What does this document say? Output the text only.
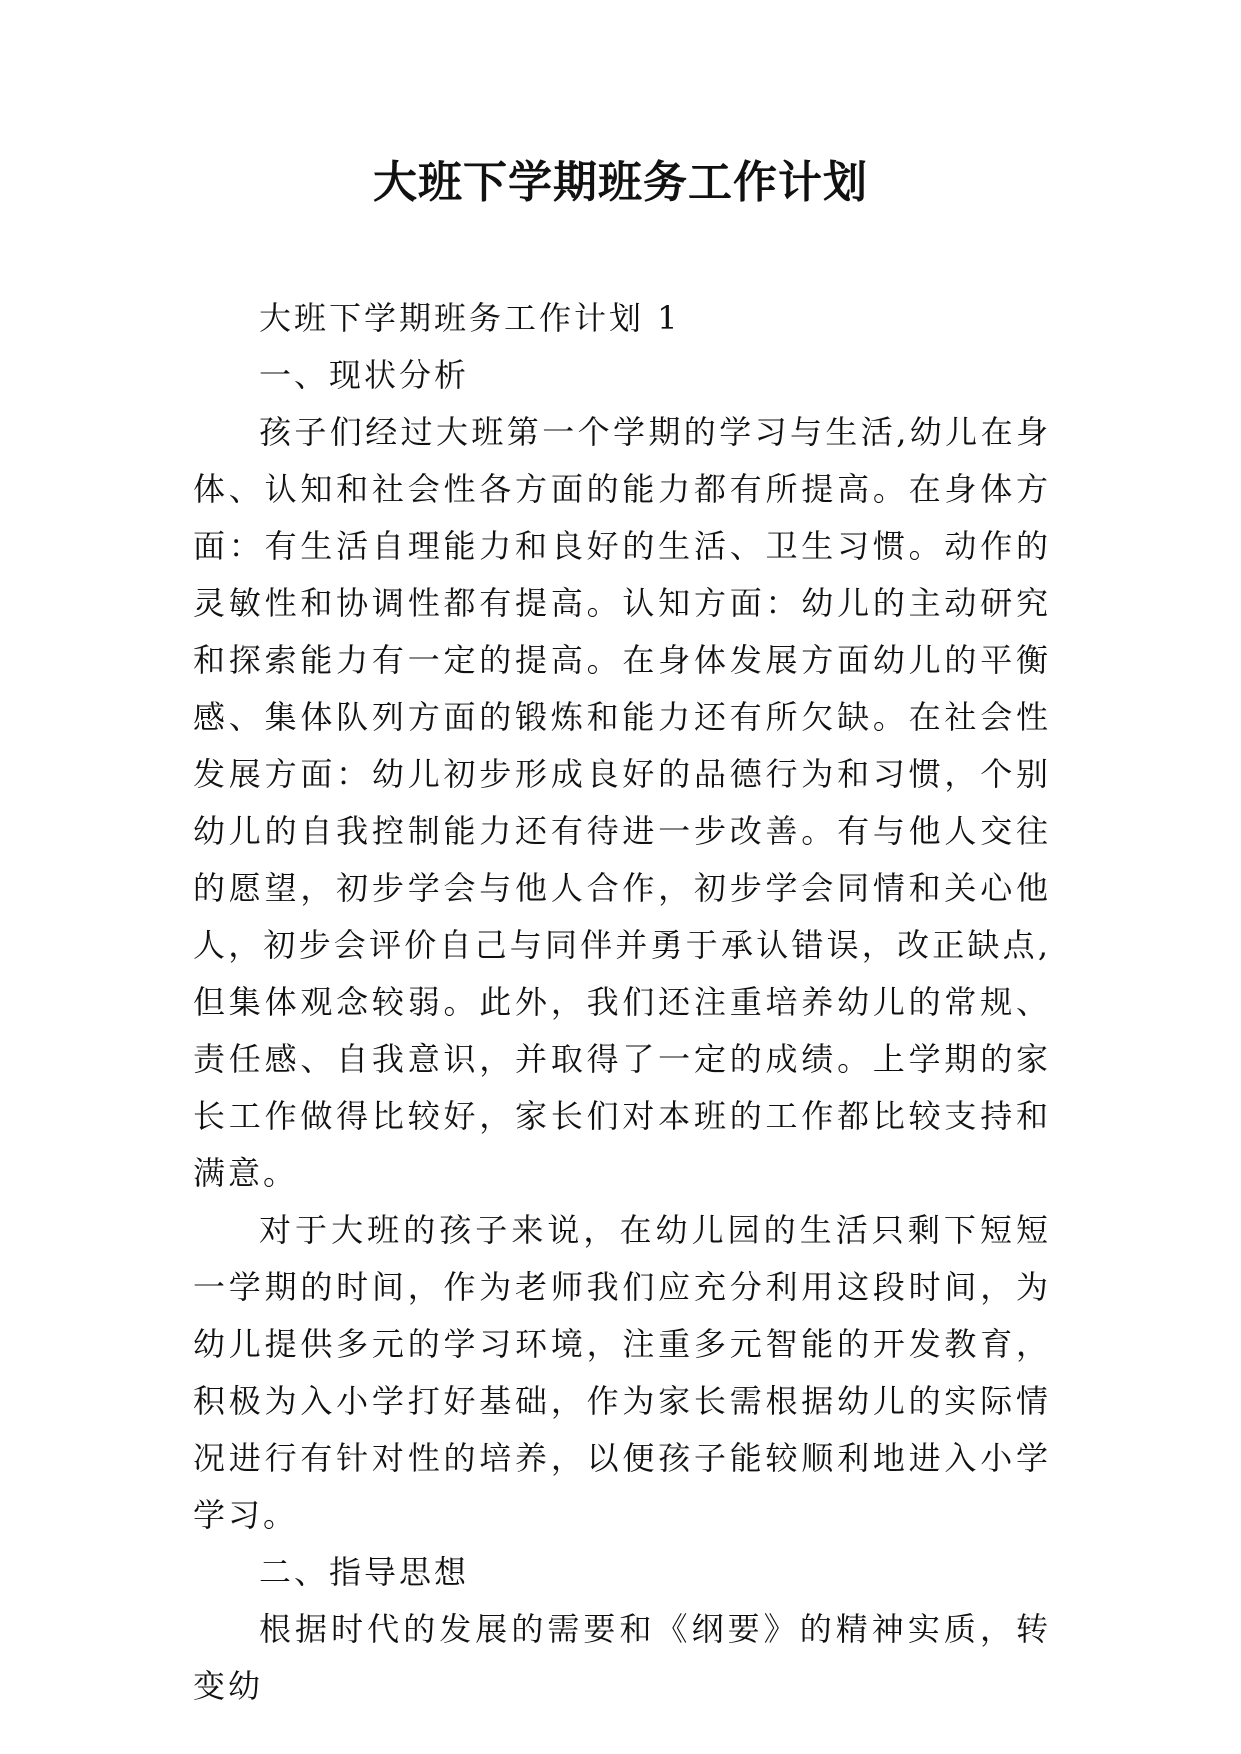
大班下学期班务工作计划

大班下学期班务工作计划 1

一、现状分析

孩子们经过大班第一个学期的学习与生活,幼儿在身体、认知和社会性各方面的能力都有所提高。在身体方面：有生活自理能力和良好的生活、卫生习惯。动作的灵敏性和协调性都有提高。认知方面：幼儿的主动研究和探索能力有一定的提高。在身体发展方面幼儿的平衡感、集体队列方面的锻炼和能力还有所欠缺。在社会性发展方面：幼儿初步形成良好的品德行为和习惯，个别幼儿的自我控制能力还有待进一步改善。有与他人交往的愿望，初步学会与他人合作，初步学会同情和关心他人，初步会评价自己与同伴并勇于承认错误，改正缺点,但集体观念较弱。此外，我们还注重培养幼儿的常规、责任感、自我意识，并取得了一定的成绩。上学期的家长工作做得比较好，家长们对本班的工作都比较支持和满意。

对于大班的孩子来说，在幼儿园的生活只剩下短短一学期的时间，作为老师我们应充分利用这段时间，为幼儿提供多元的学习环境，注重多元智能的开发教育，积极为入小学打好基础，作为家长需根据幼儿的实际情况进行有针对性的培养，以便孩子能较顺利地进入小学学习。

二、指导思想

根据时代的发展的需要和《纲要》的精神实质，转变幼
